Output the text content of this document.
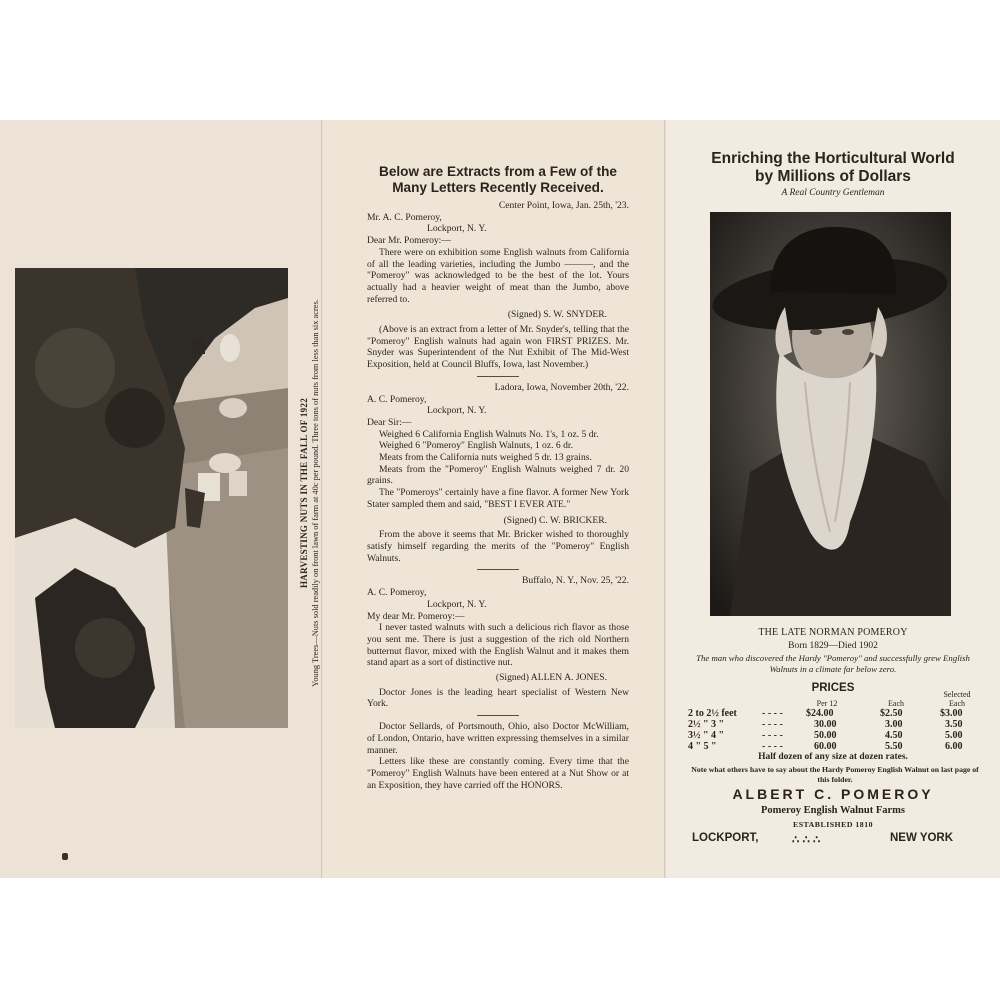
HARVESTING NUTS IN THE FALL OF 1922 Young Trees—Nuts sold readily on front lawn of farm at 40c per pound. Three tons of nuts from less than six acres.
Below are Extracts from a Few of the Many Letters Recently Received.

Center Point, Iowa, Jan. 25th, '23.

Mr. A. C. Pomeroy,

Lockport, N. Y.

Dear Mr. Pomeroy:—

There were on exhibition some English walnuts from California of all the leading varieties, including the Jumbo ———, and the "Pomeroy" was acknowledged to be the best of the lot. Yours actually had a heavier weight of meat than the Jumbo, above referred to.

(Signed) S. W. SNYDER.

(Above is an extract from a letter of Mr. Snyder's, telling that the "Pomeroy" English walnuts had again won FIRST PRIZES. Mr. Snyder was Superintendent of the Nut Exhibit of The Mid-West Exposition, held at Council Bluffs, Iowa, last November.)

Ladora, Iowa, November 20th, '22.

A. C. Pomeroy,

Lockport, N. Y.

Dear Sir:—

Weighed 6 California English Walnuts No. 1's, 1 oz. 5 dr.

Weighed 6 "Pomeroy" English Walnuts, 1 oz. 6 dr.

Meats from the California nuts weighed 5 dr. 13 grains.

Meats from the "Pomeroy" English Walnuts weighed 7 dr. 20 grains.

The "Pomeroys" certainly have a fine flavor. A former New York Stater sampled them and said, "BEST I EVER ATE."

(Signed) C. W. BRICKER.

From the above it seems that Mr. Bricker wished to thoroughly satisfy himself regarding the merits of the "Pomeroy" English Walnuts.

Buffalo, N. Y., Nov. 25, '22.

A. C. Pomeroy,

Lockport, N. Y.

My dear Mr. Pomeroy:—

I never tasted walnuts with such a delicious rich flavor as those you sent me. There is just a suggestion of the rich old Northern butternut flavor, mixed with the English Walnut and it makes them stand apart as a sort of distinctive nut.

(Signed) ALLEN A. JONES.

Doctor Jones is the leading heart specialist of Western New York.

Doctor Sellards, of Portsmouth, Ohio, also Doctor McWilliam, of London, Ontario, have written expressing themselves in a similar manner.

Letters like these are constantly coming. Every time that the "Pomeroy" English Walnuts have been entered at a Nut Show or at an Exposition, they have carried off the HONORS.

Enriching the Horticultural World
by Millions of Dollars
A Real Country Gentleman
THE LATE NORMAN POMEROY
Born 1829—Died 1902
The man who discovered the Hardy "Pomeroy" and successfully grew English Walnuts in a climate far below zero.
PRICES
Per 12	Each
Selected
Each
2 to 2½ feet	- - - - $24.00	$2.50	$3.00
2½ " 3 "	- - - -	30.00	3.00	3.50
3½ " 4 "	- - - -	50.00	4.50	5.00
4 " 5 "	- - - -	60.00	5.50	6.00
Half dozen of any size at dozen rates.
Note what others have to say about the Hardy Pomeroy English Walnut on last page of this folder.
ALBERT C. POMEROY
Pomeroy English Walnut Farms
ESTABLISHED 1810
LOCKPORT,	∴ ∴ ∴	NEW YORK
